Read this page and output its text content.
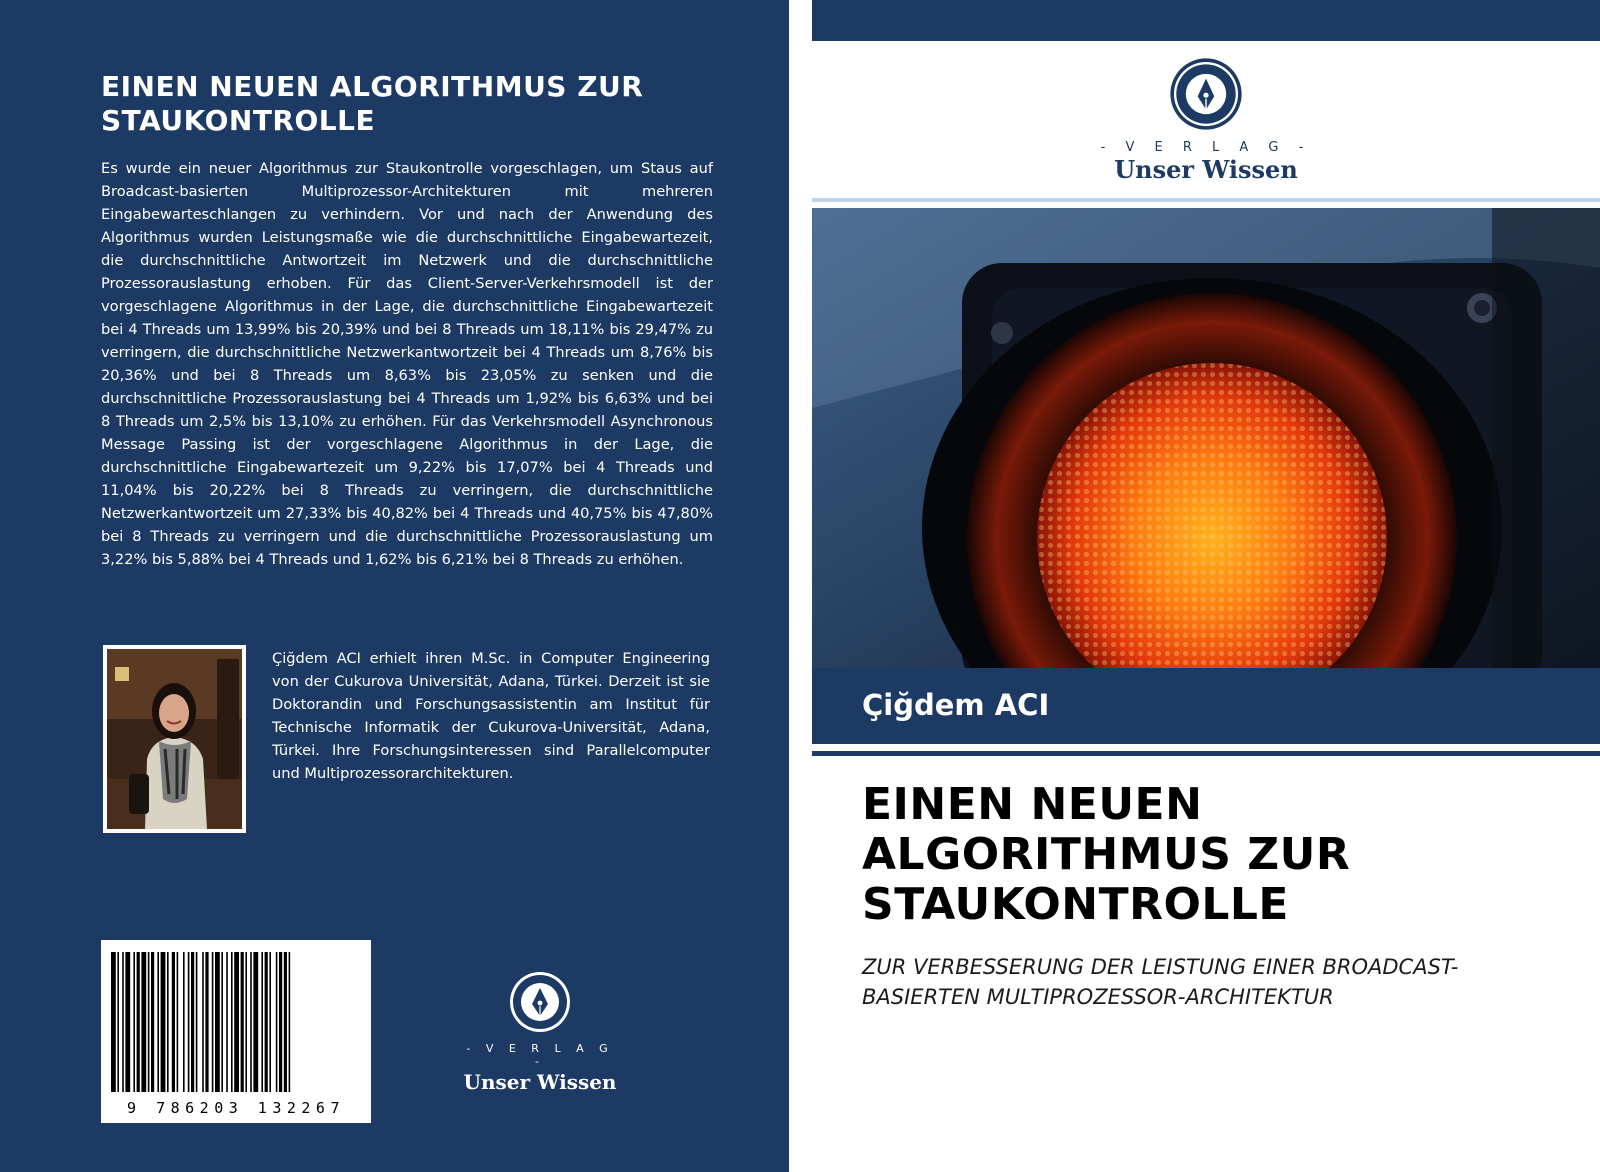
EINEN NEUEN ALGORITHMUS ZUR STAUKONTROLLE

Es wurde ein neuer Algorithmus zur Staukontrolle vorgeschlagen, um Staus auf Broadcast-basierten Multiprozessor-Architekturen mit mehreren Eingabewarteschlangen zu verhindern. Vor und nach der Anwendung des Algorithmus wurden Leistungsmaße wie die durchschnittliche Eingabewartezeit, die durchschnittliche Antwortzeit im Netzwerk und die durchschnittliche Prozessorauslastung erhoben. Für das Client-Server-Verkehrsmodell ist der vorgeschlagene Algorithmus in der Lage, die durchschnittliche Eingabewartezeit bei 4 Threads um 13,99% bis 20,39% und bei 8 Threads um 18,11% bis 29,47% zu verringern, die durchschnittliche Netzwerkantwortzeit bei 4 Threads um 8,76% bis 20,36% und bei 8 Threads um 8,63% bis 23,05% zu senken und die durchschnittliche Prozessorauslastung bei 4 Threads um 1,92% bis 6,63% und bei 8 Threads um 2,5% bis 13,10% zu erhöhen. Für das Verkehrsmodell Asynchronous Message Passing ist der vorgeschlagene Algorithmus in der Lage, die durchschnittliche Eingabewartezeit um 9,22% bis 17,07% bei 4 Threads und 11,04% bis 20,22% bei 8 Threads zu verringern, die durchschnittliche Netzwerkantwortzeit um 27,33% bis 40,82% bei 4 Threads und 40,75% bis 47,80% bei 8 Threads zu verringern und die durchschnittliche Prozessorauslastung um 3,22% bis 5,88% bei 4 Threads und 1,62% bis 6,21% bei 8 Threads zu erhöhen.

Çiğdem ACI erhielt ihren M.Sc. in Computer Engineering von der Cukurova Universität, Adana, Türkei. Derzeit ist sie Doktorandin und Forschungsassistentin am Institut für Technische Informatik der Cukurova-Universität, Adana, Türkei. Ihre Forschungsinteressen sind Parallelcomputer und Multiprozessorarchitekturen.

9 786203 132267
- V E R L A G -
Unser Wissen
- V E R L A G -
Unser Wissen
Çiğdem ACI
EINEN NEUEN ALGORITHMUS ZUR STAUKONTROLLE

ZUR VERBESSERUNG DER LEISTUNG EINER BROADCAST-BASIERTEN MULTIPROZESSOR-ARCHITEKTUR
